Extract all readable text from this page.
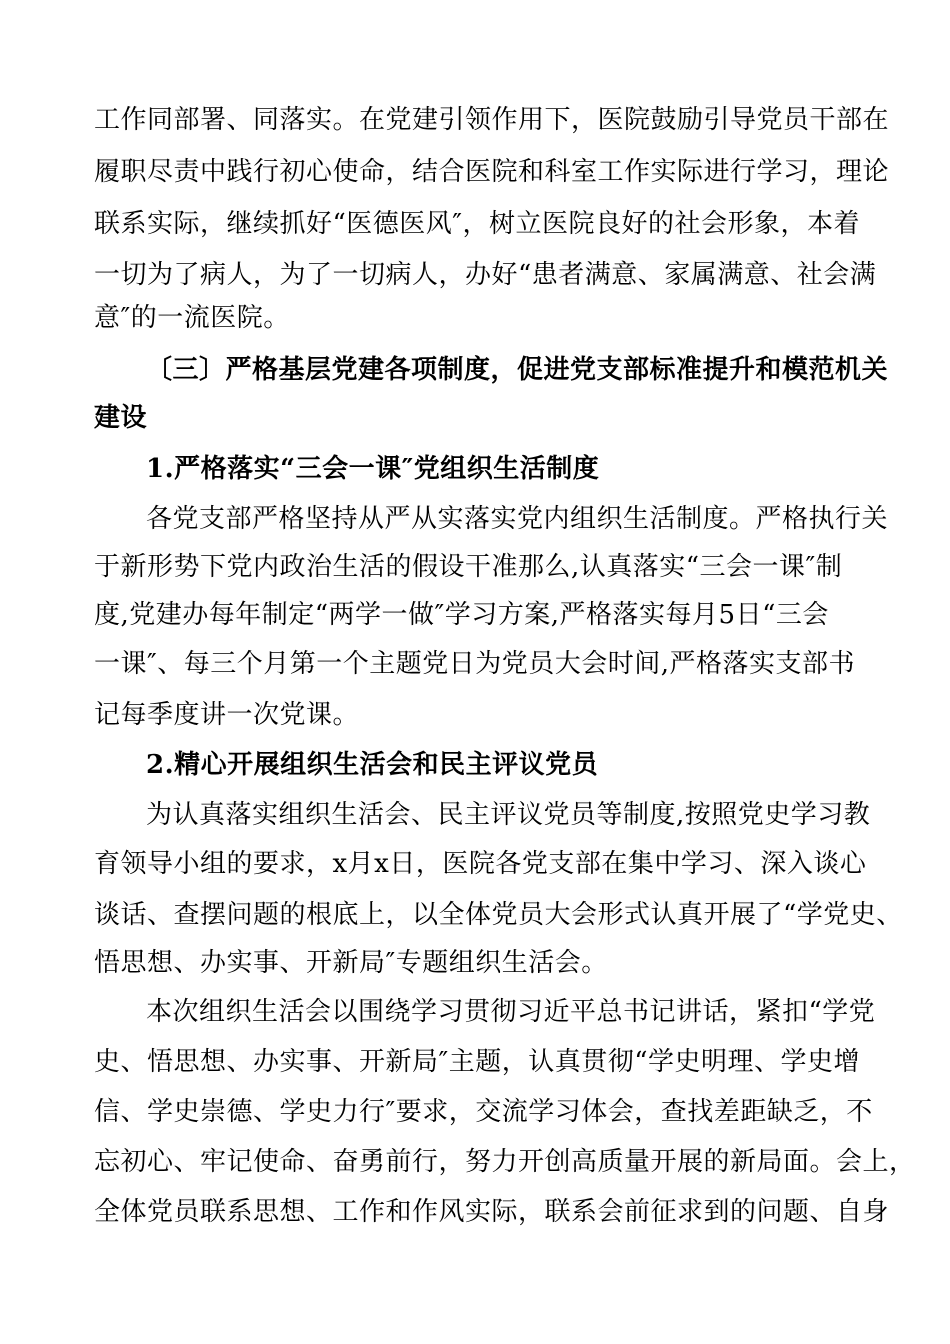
工作同部署、同落实。在党建引领作用下，医院鼓励引导党员干部在
履职尽责中践行初心使命，结合医院和科室工作实际进行学习，理论
联系实际，继续抓好“医德医风″，树立医院良好的社会形象，本着
一切为了病人，为了一切病人，办好“患者满意、家属满意、社会满
意″的一流医院。
〔三〕严格基层党建各项制度，促进党支部标准提升和模范机关
建设
1.严格落实“三会一课″党组织生活制度
各党支部严格坚持从严从实落实党内组织生活制度。严格执行关
于新形势下党内政治生活的假设干准那么,认真落实“三会一课″制
度,党建办每年制定“两学一做″学习方案,严格落实每月5日“三会
一课″、每三个月第一个主题党日为党员大会时间,严格落实支部书
记每季度讲一次党课。
2.精心开展组织生活会和民主评议党员
为认真落实组织生活会、民主评议党员等制度,按照党史学习教
育领导小组的要求，x月x日，医院各党支部在集中学习、深入谈心
谈话、查摆问题的根底上，以全体党员大会形式认真开展了“学党史、
悟思想、办实事、开新局″专题组织生活会。
本次组织生活会以围绕学习贯彻习近平总书记讲话，紧扣“学党
史、悟思想、办实事、开新局″主题，认真贯彻“学史明理、学史增
信、学史崇德、学史力行″要求，交流学习体会，查找差距缺乏，不
忘初心、牢记使命、奋勇前行，努力开创高质量开展的新局面。会上，
全体党员联系思想、工作和作风实际，联系会前征求到的问题、自身
